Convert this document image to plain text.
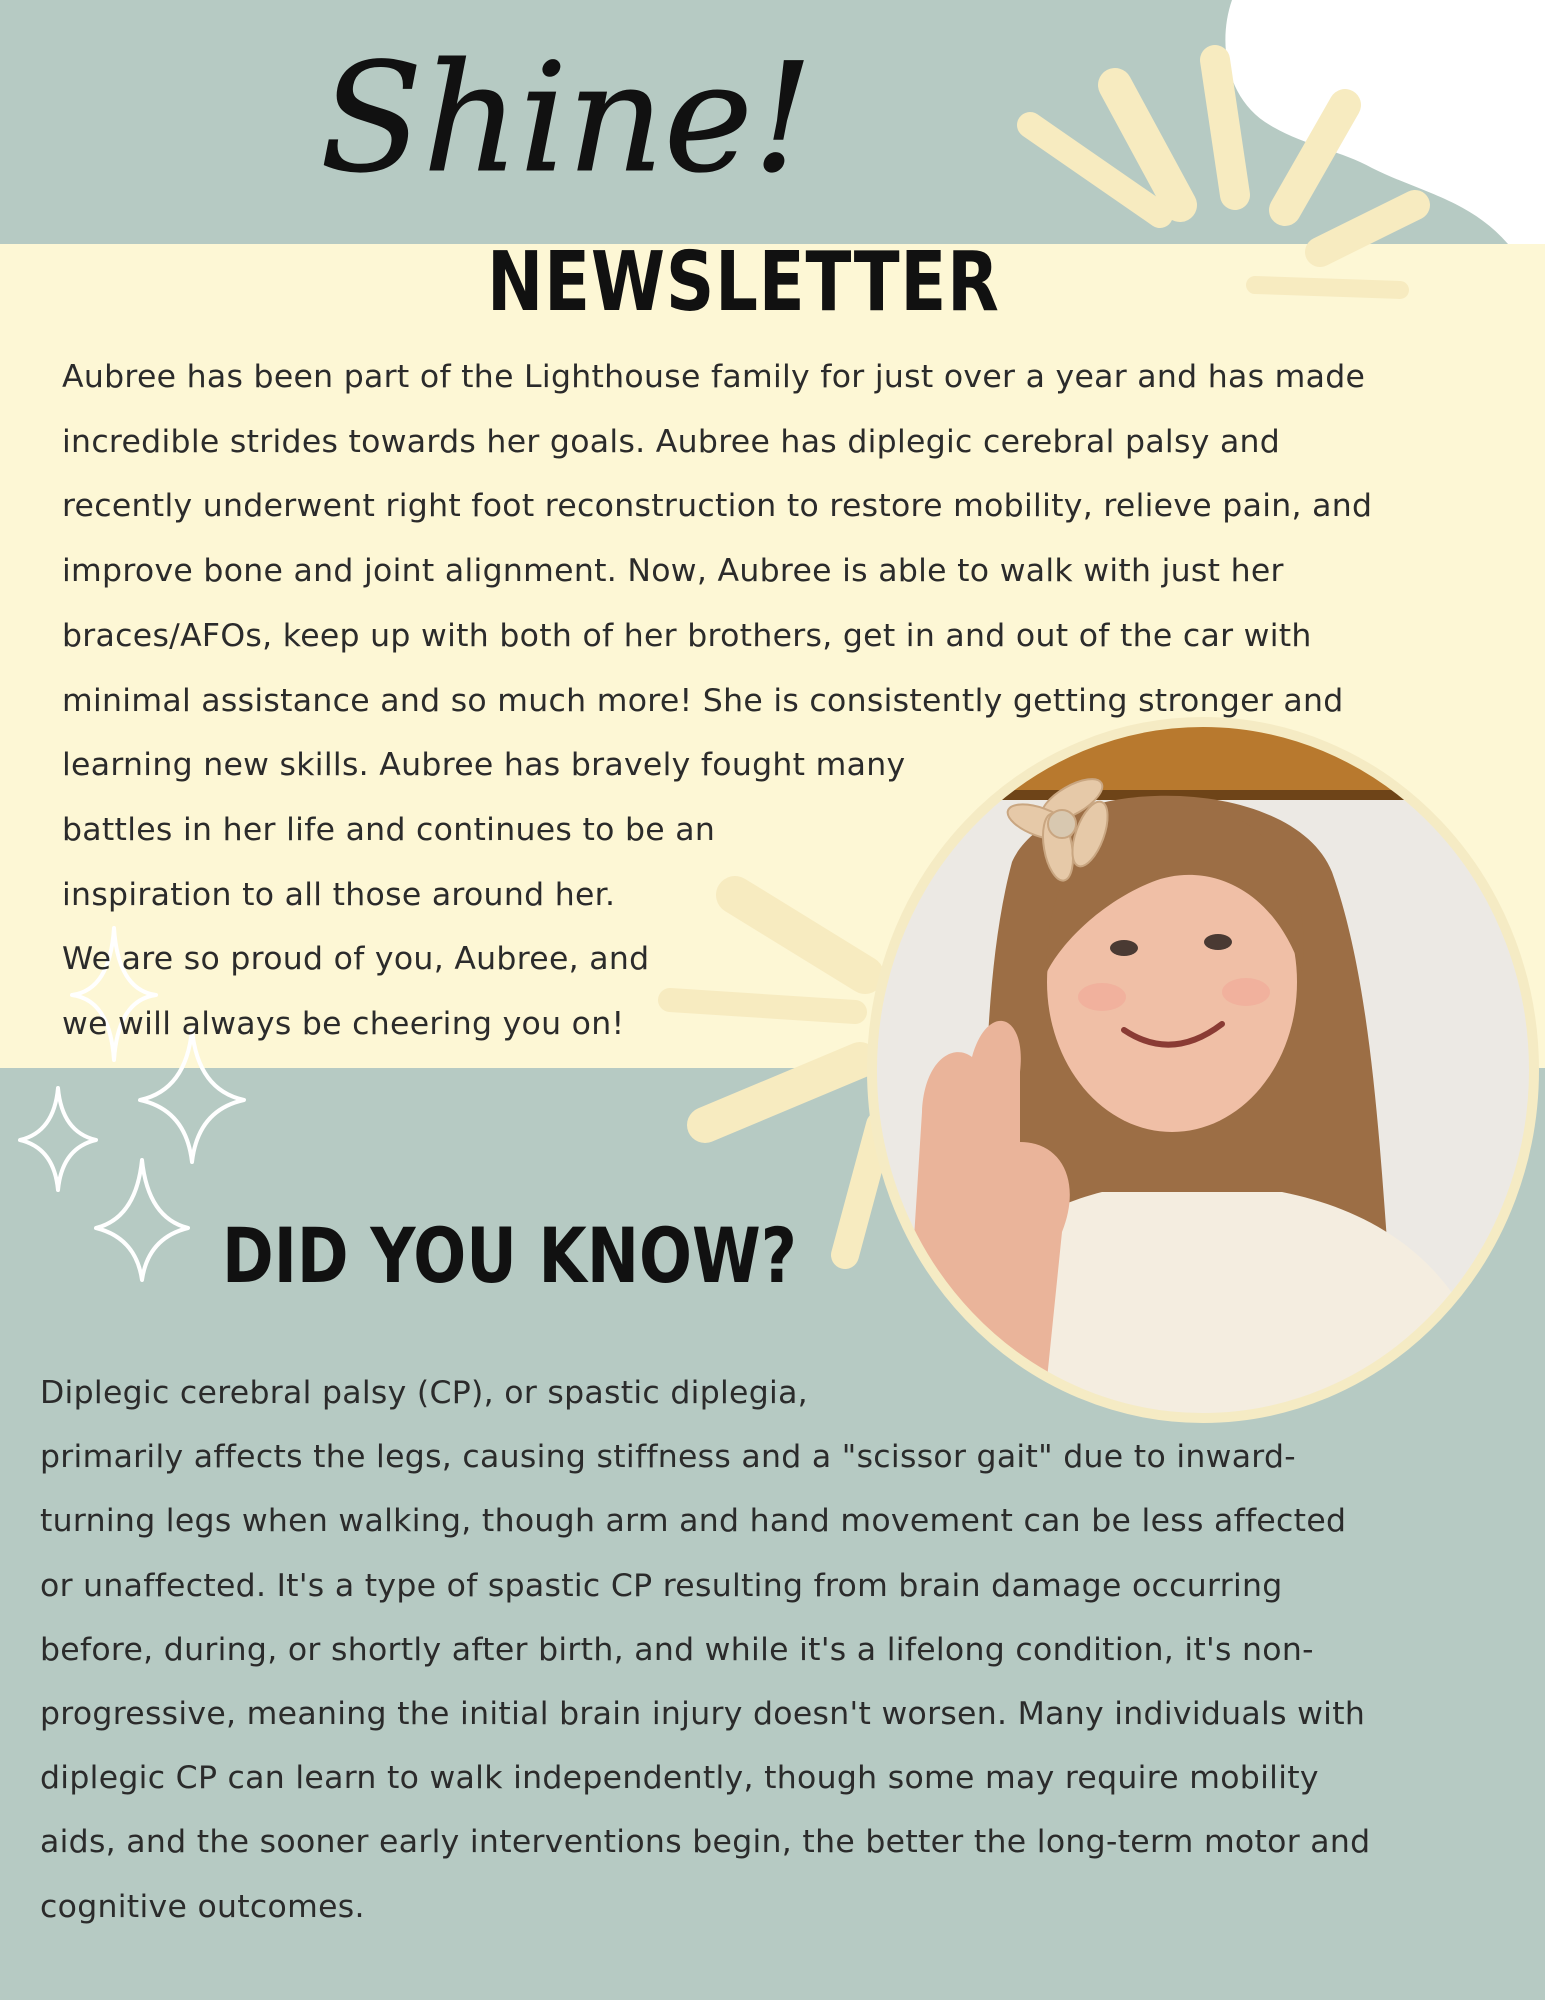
Shine!
NEWSLETTER
Aubree has been part of the Lighthouse family for just over a year and has made
incredible strides towards her goals. Aubree has diplegic cerebral palsy and
recently underwent right foot reconstruction to restore mobility, relieve pain, and
improve bone and joint alignment. Now, Aubree is able to walk with just her
braces/AFOs, keep up with both of her brothers, get in and out of the car with
minimal assistance and so much more! She is consistently getting stronger and
learning new skills. Aubree has bravely fought many
battles in her life and continues to be an
inspiration to all those around her.
We are so proud of you, Aubree, and
we will always be cheering you on!
DID YOU KNOW?
Diplegic cerebral palsy (CP), or spastic diplegia,
primarily affects the legs, causing stiffness and a "scissor gait" due to inward-
turning legs when walking, though arm and hand movement can be less affected
or unaffected. It's a type of spastic CP resulting from brain damage occurring
before, during, or shortly after birth, and while it's a lifelong condition, it's non-
progressive, meaning the initial brain injury doesn't worsen. Many individuals with
diplegic CP can learn to walk independently, though some may require mobility
aids, and the sooner early interventions begin, the better the long-term motor and
cognitive outcomes.
